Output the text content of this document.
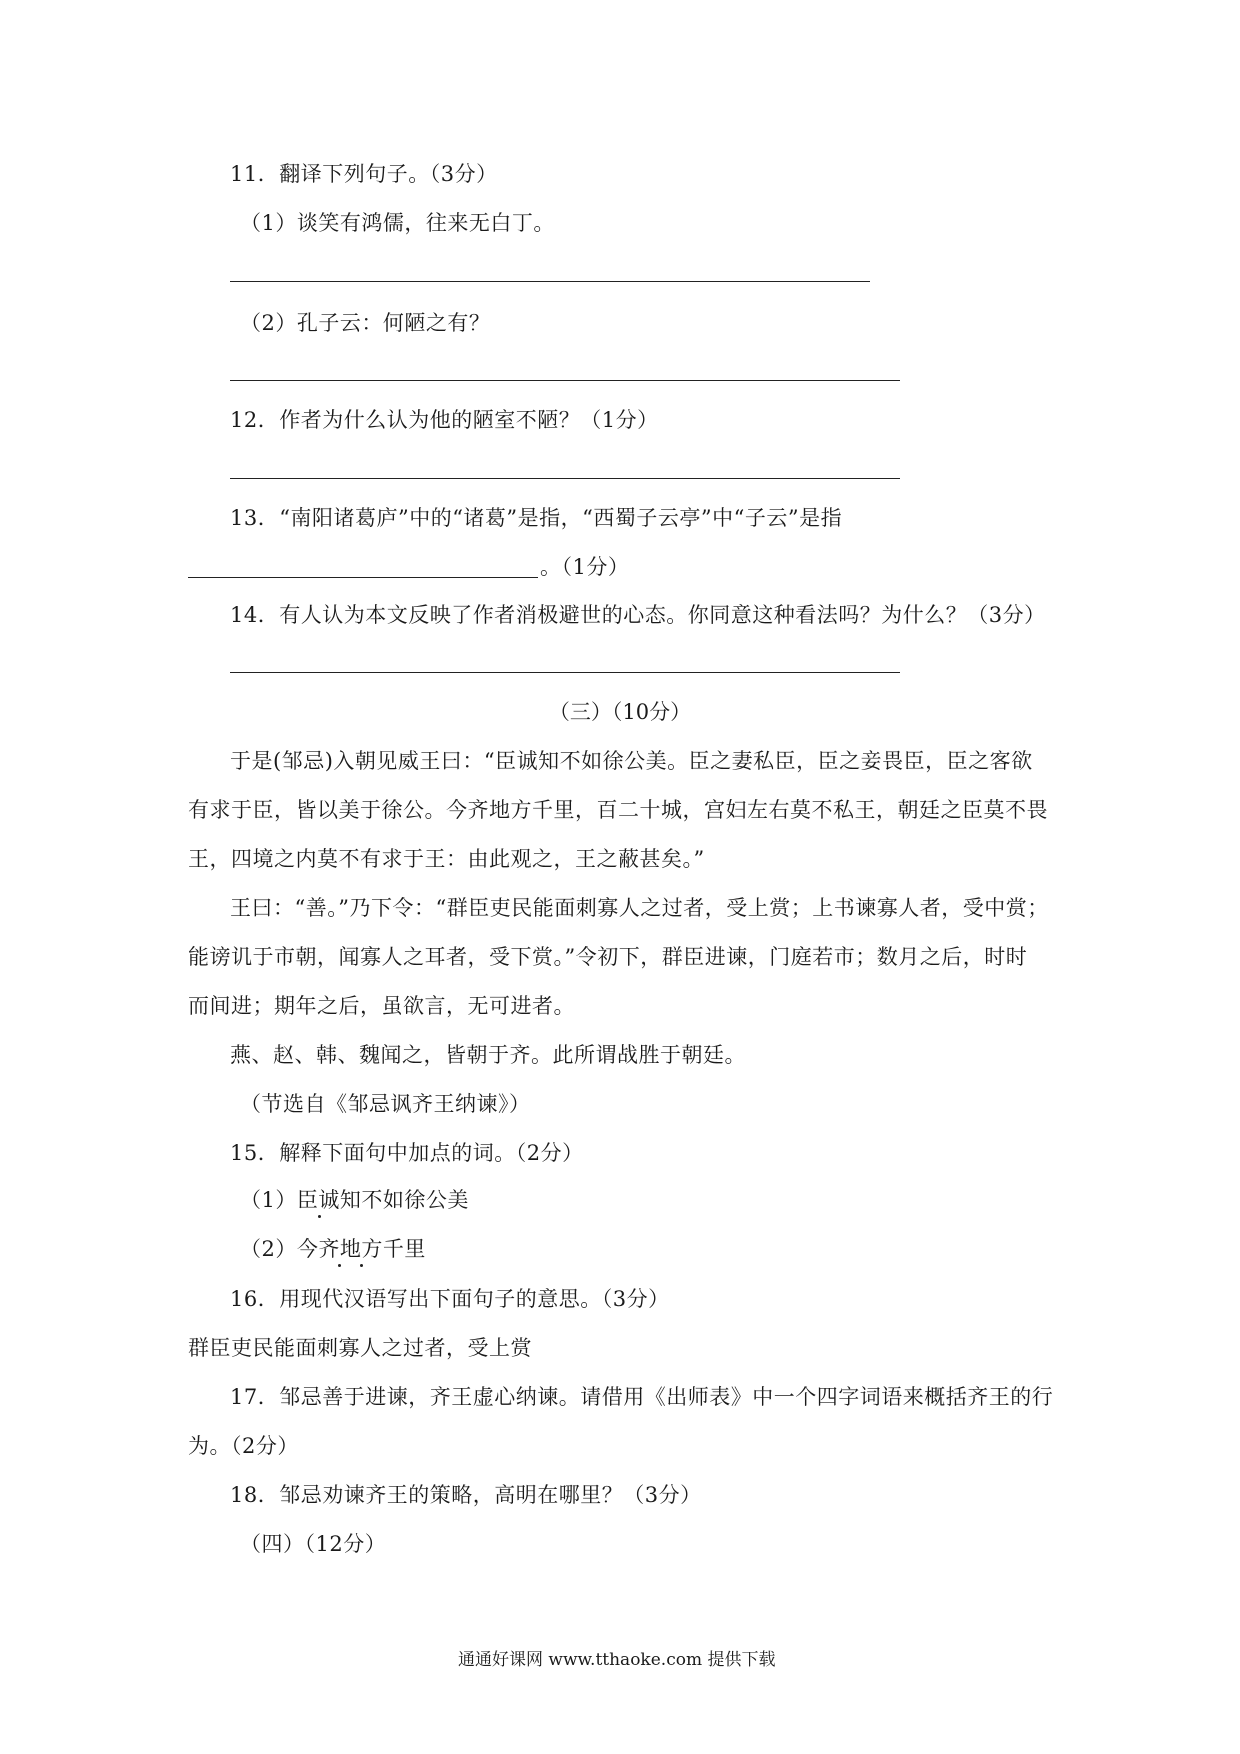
11．翻译下列句子。（3分）
（1）谈笑有鸿儒，往来无白丁。
（2）孔子云：何陋之有？
12．作者为什么认为他的陋室不陋？（1分）
13．“南阳诸葛庐”中的“诸葛”是指，“西蜀子云亭”中“子云”是指
。（1分）
14．有人认为本文反映了作者消极避世的心态。你同意这种看法吗？为什么？（3分）
（三）（10分）
于是(邹忌)入朝见威王曰：“臣诚知不如徐公美。臣之妻私臣，臣之妾畏臣，臣之客欲
有求于臣，皆以美于徐公。今齐地方千里，百二十城，宫妇左右莫不私王，朝廷之臣莫不畏
王，四境之内莫不有求于王：由此观之，王之蔽甚矣。”
王曰：“善。”乃下令：“群臣吏民能面刺寡人之过者，受上赏；上书谏寡人者，受中赏；
能谤讥于市朝，闻寡人之耳者，受下赏。”令初下，群臣进谏，门庭若市；数月之后，时时
而间进；期年之后，虽欲言，无可进者。
燕、赵、韩、魏闻之，皆朝于齐。此所谓战胜于朝廷。
（节选自《邹忌讽齐王纳谏》）
15．解释下面句中加点的词。（2分）
（1）臣诚知不如徐公美
（2）今齐地方千里
16．用现代汉语写出下面句子的意思。（3分）
群臣吏民能面刺寡人之过者，受上赏
17．邹忌善于进谏，齐王虚心纳谏。请借用《出师表》中一个四字词语来概括齐王的行
为。（2分）
18．邹忌劝谏齐王的策略，高明在哪里？（3分）
（四）（12分）
通通好课网 www.tthaoke.com 提供下载
